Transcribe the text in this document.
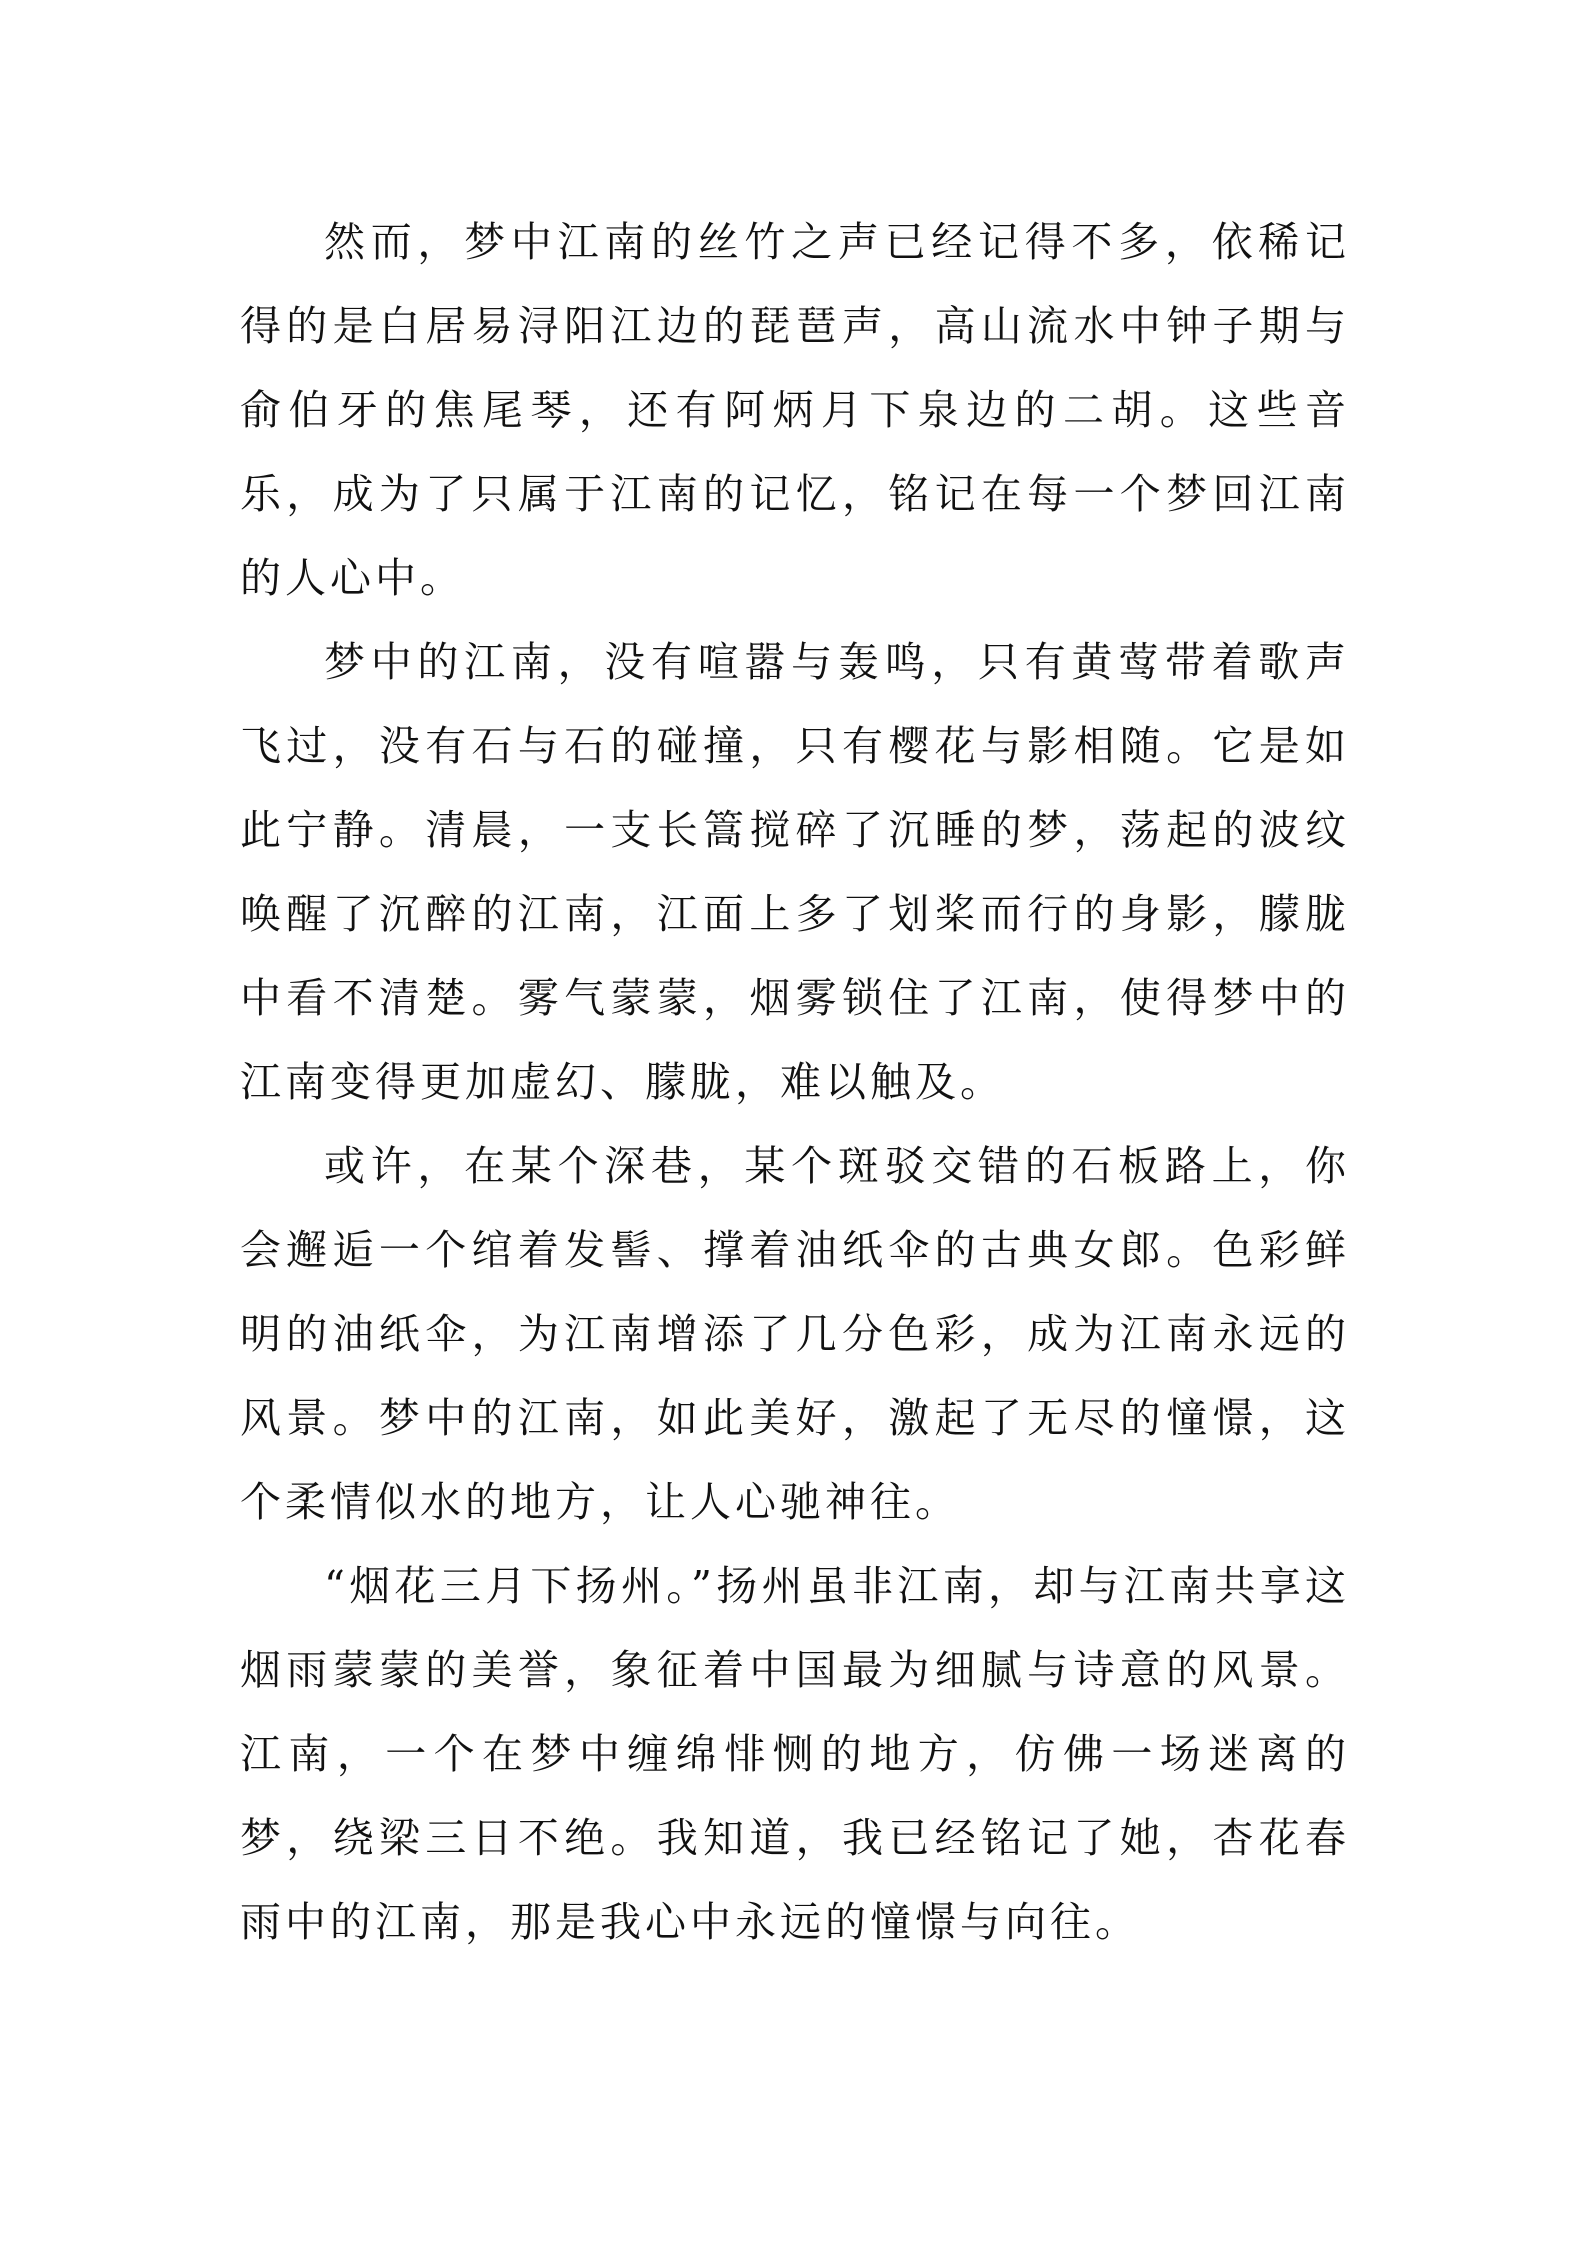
然而，梦中江南的丝竹之声已经记得不多，依稀记得的是白居易浔阳江边的琵琶声，高山流水中钟子期与俞伯牙的焦尾琴，还有阿炳月下泉边的二胡。这些音乐，成为了只属于江南的记忆，铭记在每一个梦回江南的人心中。

梦中的江南，没有喧嚣与轰鸣，只有黄莺带着歌声飞过，没有石与石的碰撞，只有樱花与影相随。它是如此宁静。清晨，一支长篙搅碎了沉睡的梦，荡起的波纹唤醒了沉醉的江南，江面上多了划桨而行的身影，朦胧中看不清楚。雾气蒙蒙，烟雾锁住了江南，使得梦中的江南变得更加虚幻、朦胧，难以触及。

或许，在某个深巷，某个斑驳交错的石板路上，你会邂逅一个绾着发髻、撑着油纸伞的古典女郎。色彩鲜明的油纸伞，为江南增添了几分色彩，成为江南永远的风景。梦中的江南，如此美好，激起了无尽的憧憬，这个柔情似水的地方，让人心驰神往。

“烟花三月下扬州。”扬州虽非江南，却与江南共享这烟雨蒙蒙的美誉，象征着中国最为细腻与诗意的风景。江南，一个在梦中缠绵悱恻的地方，仿佛一场迷离的梦，绕梁三日不绝。我知道，我已经铭记了她，杏花春雨中的江南，那是我心中永远的憧憬与向往。
